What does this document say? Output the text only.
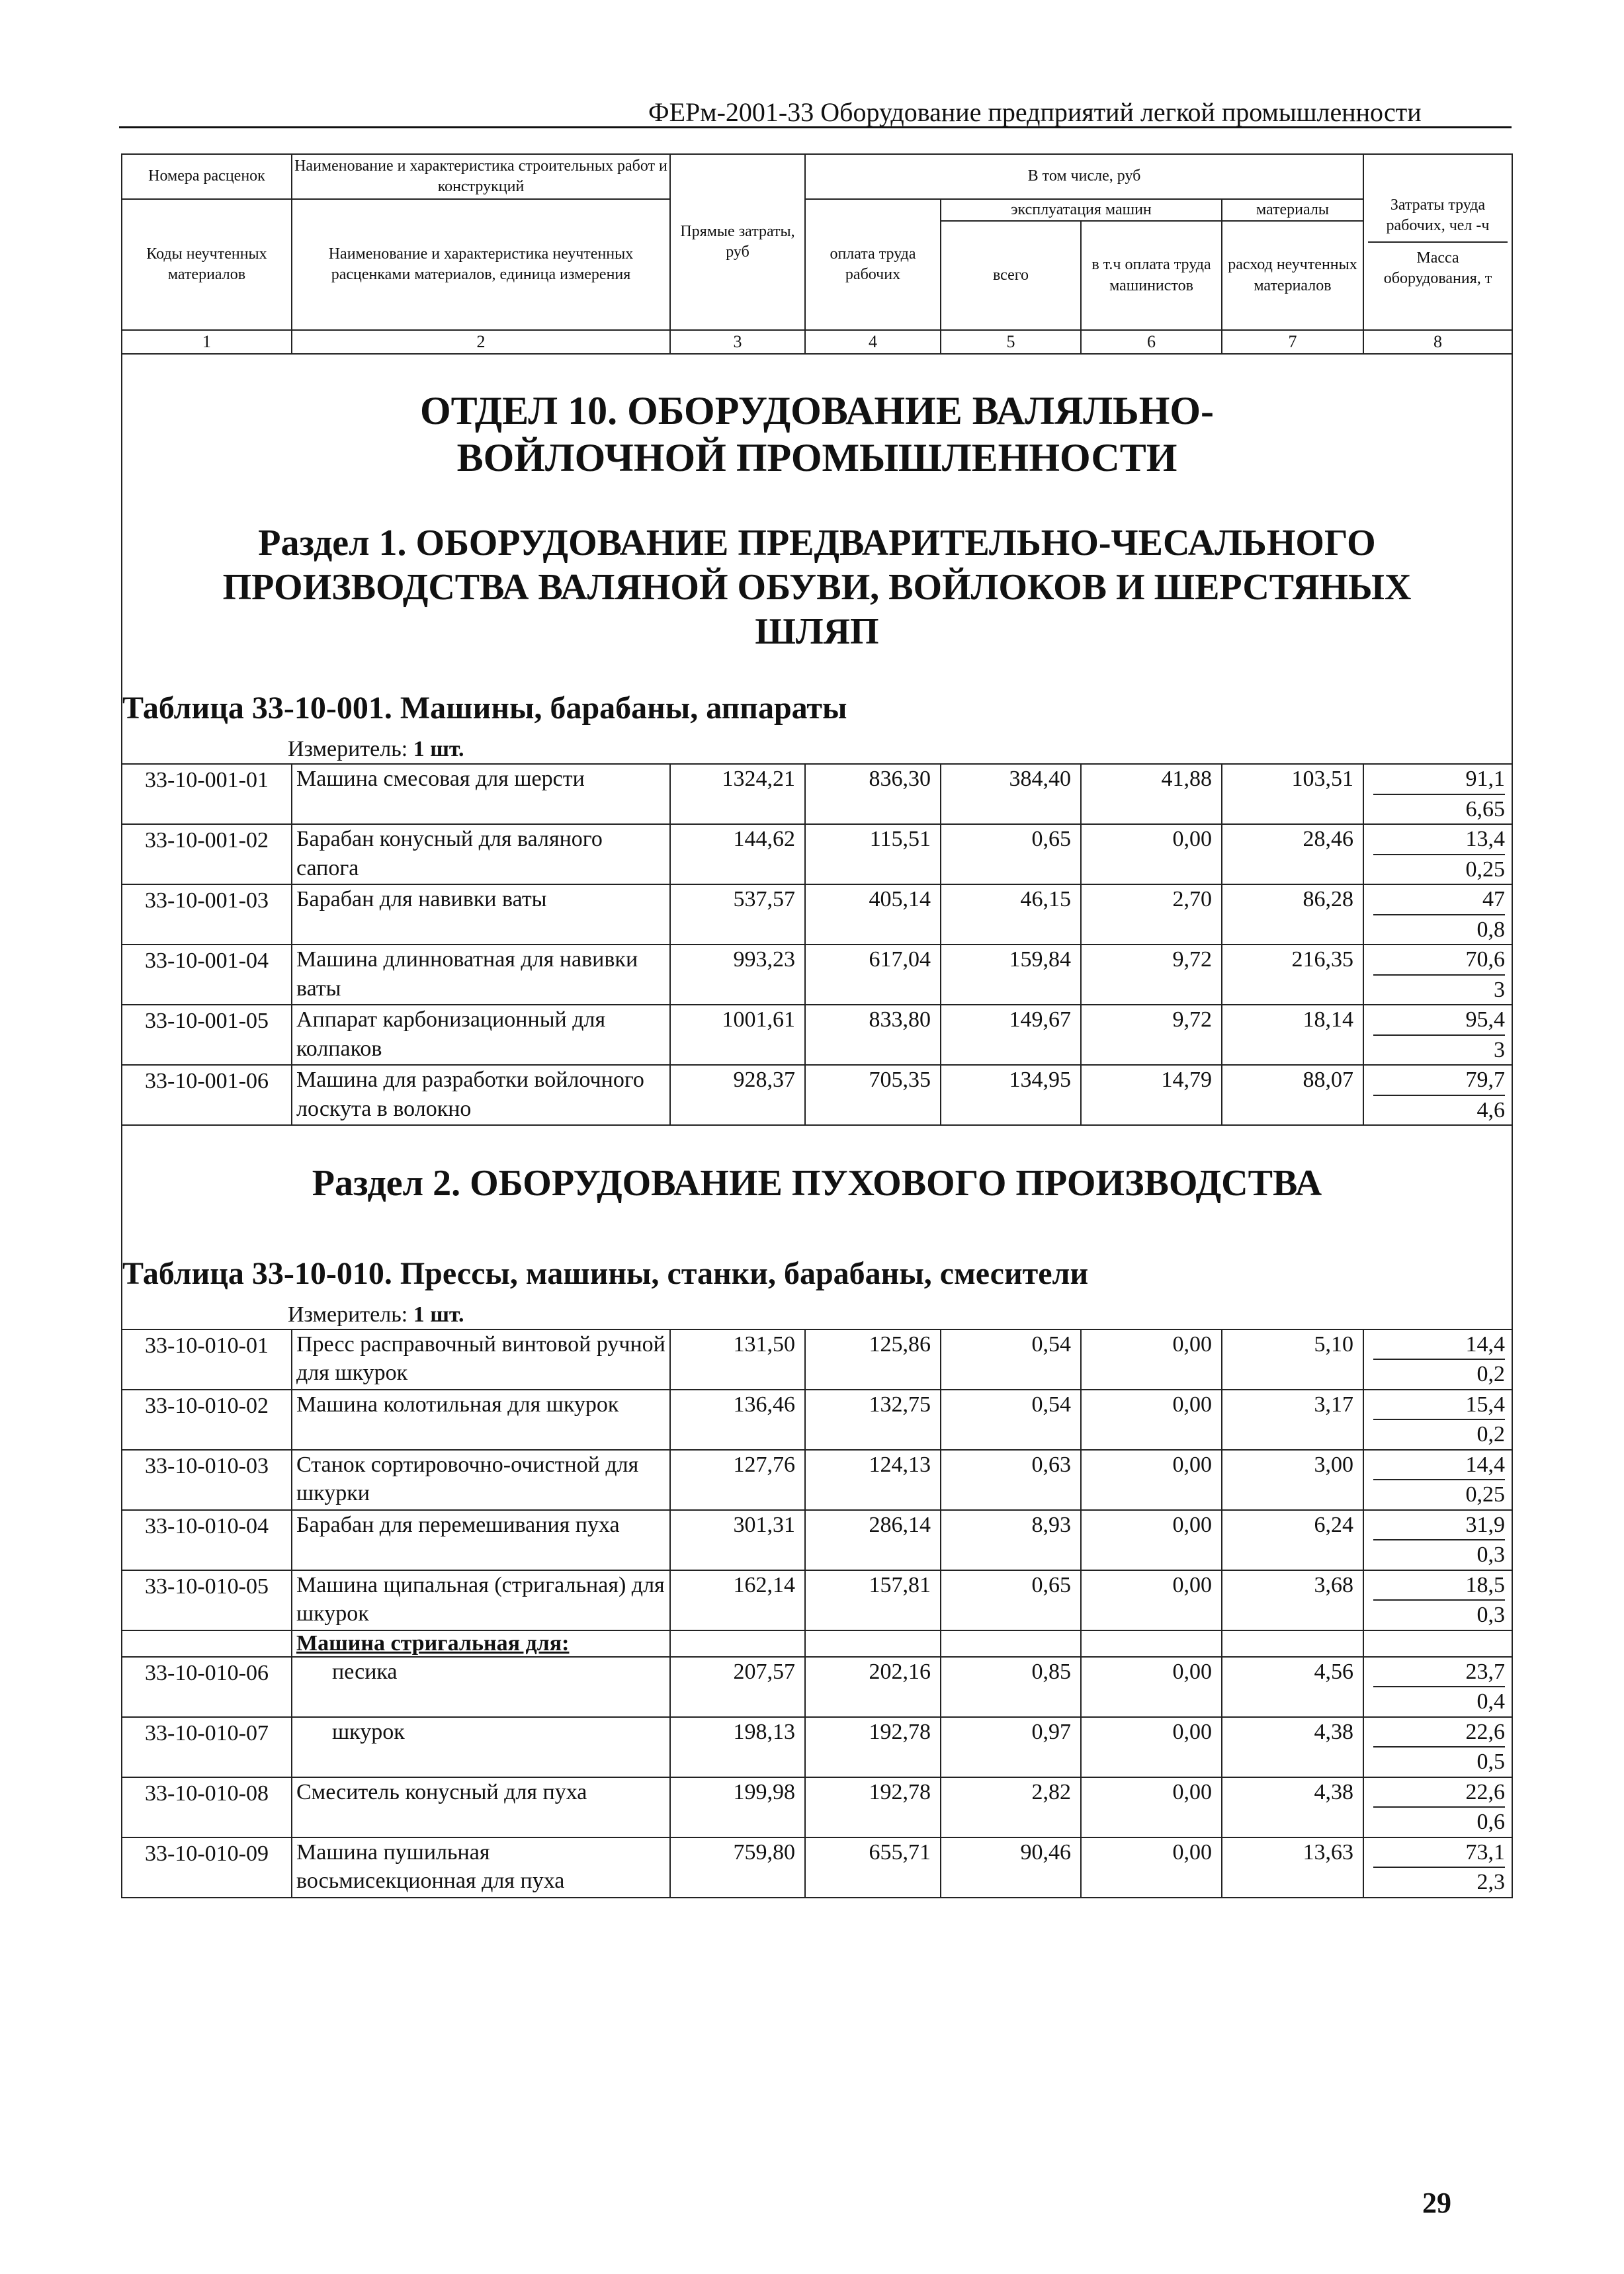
ФЕРм-2001-33 Оборудование предприятий легкой промышленности
Номера расценок	Наименование и характеристика строительных работ и конструкций	Прямые затраты, руб	В том числе, руб				Затраты труда рабочих, чел -ч
Масса оборудования, т

Коды неучтенных материалов	Наименование и характеристика неучтенных расценками материалов, единица измерения		оплата труда рабочих	эксплуатация машин		материалы	
				всего	в т.ч оплата труда машинистов	расход неучтенных материалов	
1	2	3	4	5	6	7	8

ОТДЕЛ 10. ОБОРУДОВАНИЕ ВАЛЯЛЬНО-ВОЙЛОЧНОЙ ПРОМЫШЛЕННОСТИ
Раздел 1. ОБОРУДОВАНИЕ ПРЕДВАРИТЕЛЬНО-ЧЕСАЛЬНОГО ПРОИЗВОДСТВА ВАЛЯНОЙ ОБУВИ, ВОЙЛОКОВ И ШЕРСТЯНЫХ ШЛЯП
Таблица 33-10-001. Машины, барабаны, аппараты
Измеритель: 1 шт.							

33-10-001-01	Машина смесовая для шерсти	1324,21	836,30	384,40	41,88	103,51	91,1
6,65

33-10-001-02	Барабан конусный для валяного сапога	144,62	115,51	0,65	0,00	28,46	13,4
0,25

33-10-001-03	Барабан для навивки ваты	537,57	405,14	46,15	2,70	86,28	47
0,8

33-10-001-04	Машина длинноватная для навивки ваты	993,23	617,04	159,84	9,72	216,35	70,6
3

33-10-001-05	Аппарат карбонизационный для колпаков	1001,61	833,80	149,67	9,72	18,14	95,4
3

33-10-001-06	Машина для разработки войлочного лоскута в волокно	928,37	705,35	134,95	14,79	88,07	79,7
4,6

Раздел 2. ОБОРУДОВАНИЕ ПУХОВОГО ПРОИЗВОДСТВА
Таблица 33-10-010. Прессы, машины, станки, барабаны, смесители
Измеритель: 1 шт.							

33-10-010-01	Пресс расправочный винтовой ручной для шкурок	131,50	125,86	0,54	0,00	5,10	14,4
0,2

33-10-010-02	Машина колотильная для шкурок	136,46	132,75	0,54	0,00	3,17	15,4
0,2

33-10-010-03	Станок сортировочно-очистной для шкурки	127,76	124,13	0,63	0,00	3,00	14,4
0,25

33-10-010-04	Барабан для перемешивания пуха	301,31	286,14	8,93	0,00	6,24	31,9
0,3

33-10-010-05	Машина щипальная (стригальная) для шкурок	162,14	157,81	0,65	0,00	3,68	18,5
0,3

	Машина стригальная для:						
33-10-010-06	песика	207,57	202,16	0,85	0,00	4,56	23,7
0,4

33-10-010-07	шкурок	198,13	192,78	0,97	0,00	4,38	22,6
0,5

33-10-010-08	Смеситель конусный для пуха	199,98	192,78	2,82	0,00	4,38	22,6
0,6

33-10-010-09	Машина пушильная восьмисекционная для пуха	759,80	655,71	90,46	0,00	13,63	73,1
2,3
29
